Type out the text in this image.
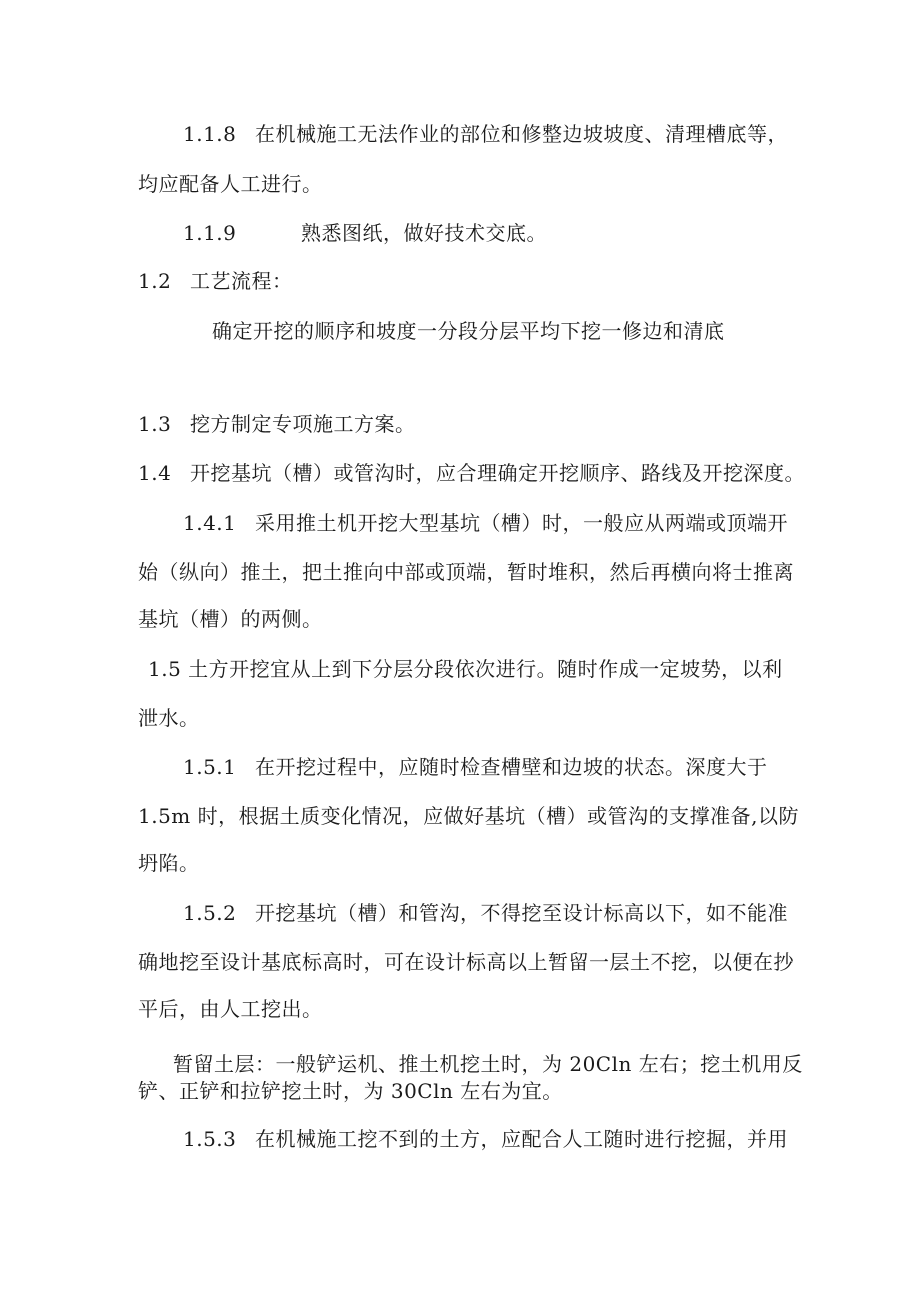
1.1.8 在机械施工无法作业的部位和修整边坡坡度、清理槽底等，
均应配备人工进行。
1.1.9	熟悉图纸，做好技术交底。
1.2 工艺流程：
确定开挖的顺序和坡度一分段分层平均下挖一修边和清底
1.3 挖方制定专项施工方案。
1.4 开挖基坑（槽）或管沟时，应合理确定开挖顺序、路线及开挖深度。
1.4.1 采用推土机开挖大型基坑（槽）时，一般应从两端或顶端开
始（纵向）推土，把土推向中部或顶端，暂时堆积，然后再横向将士推离
基坑（槽）的两侧。
1.5 土方开挖宜从上到下分层分段依次进行。随时作成一定坡势，以利
泄水。
1.5.1 在开挖过程中，应随时检查槽壁和边坡的状态。深度大于
1.5m 时，根据土质变化情况，应做好基坑（槽）或管沟的支撑准备,以防
坍陷。
1.5.2 开挖基坑（槽）和管沟，不得挖至设计标高以下，如不能准
确地挖至设计基底标高时，可在设计标高以上暂留一层土不挖，以便在抄
平后，由人工挖出。
暂留土层：一般铲运机、推土机挖土时，为 20Cln 左右；挖土机用反
铲、正铲和拉铲挖土时，为 30Cln 左右为宜。
1.5.3 在机械施工挖不到的土方，应配合人工随时进行挖掘，并用
